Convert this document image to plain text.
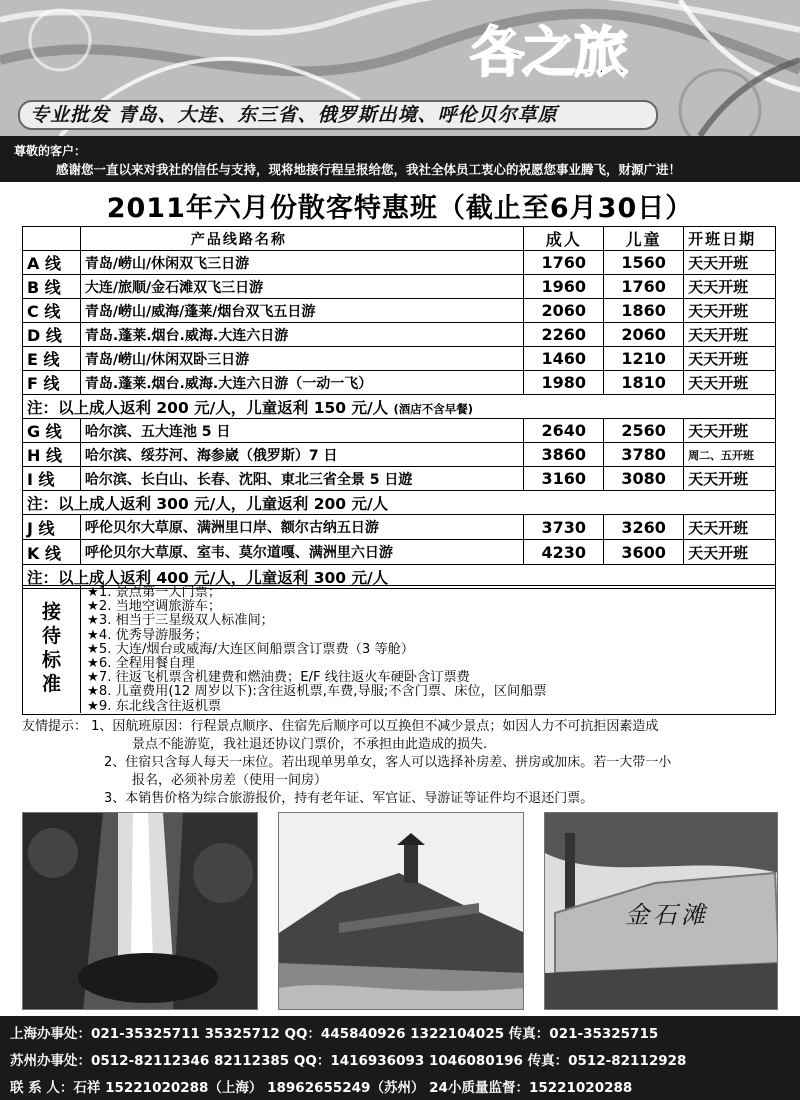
各之旅
专业批发 青岛、大连、东三省、俄罗斯出境、呼伦贝尔草原
尊敬的客户：
感谢您一直以来对我社的信任与支持，现将地接行程呈报给您，我社全体员工衷心的祝愿您事业腾飞，财源广进！
2011年六月份散客特惠班（截止至6月30日）
	产品线路名称	成人	儿童	开班日期
A 线	青岛/崂山/休闲双飞三日游	1760	1560	天天开班
B 线	大连/旅顺/金石滩双飞三日游	1960	1760	天天开班
C 线	青岛/崂山/威海/蓬莱/烟台双飞五日游	2060	1860	天天开班
D 线	青岛.蓬莱.烟台.威海.大连六日游	2260	2060	天天开班
E 线	青岛/崂山/休闲双卧三日游	1460	1210	天天开班
F 线	青岛.蓬莱.烟台.威海.大连六日游（一动一飞）	1980	1810	天天开班
注：以上成人返利 200 元/人，儿童返利 150 元/人 (酒店不含早餐)				
G 线	哈尔滨、五大连池 5 日	2640	2560	天天开班
H 线	哈尔滨、绥芬河、海参崴（俄罗斯）7 日	3860	3780	周二、五开班
I 线	哈尔滨、长白山、长春、沈阳、東北三省全景 5 日遊	3160	3080	天天开班
注：以上成人返利 300 元/人，儿童返利 200 元/人				
J 线	呼伦贝尔大草原、满洲里口岸、额尔古纳五日游	3730	3260	天天开班
K 线	呼伦贝尔大草原、室韦、莫尔道嘎、满洲里六日游	4230	3600	天天开班
注：以上成人返利 400 元/人，儿童返利 300 元/人				
接
待
标
准
★1. 景点第一大门票；
★2. 当地空调旅游车；
★3. 相当于三星级双人标准间；
★4. 优秀导游服务；
★5. 大连/烟台或威海/大连区间船票含订票费（3 等舱）
★6. 全程用餐自理
★7. 往返飞机票含机建费和燃油费；E/F 线往返火车硬卧含订票费
★8. 儿童费用(12 周岁以下):含往返机票,车费,导服;不含门票、床位，区间船票
★9. 东北线含往返机票
友情提示： 1、因航班原因：行程景点顺序、住宿先后顺序可以互换但不减少景点；如因人力不可抗拒因素造成
景点不能游览，我社退还协议门票价，不承担由此造成的损失.
2、住宿只含每人每天一床位。若出现单男单女，客人可以选择补房差、拼房或加床。若一大带一小
报名，必须补房差（使用一间房）
3、本销售价格为综合旅游报价，持有老年证、军官证、导游证等证件均不退还门票。
金石滩
上海办事处：021-35325711 35325712 QQ：445840926 1322104025 传真：021-35325715
苏州办事处：0512-82112346 82112385 QQ：1416936093 1046080196 传真：0512-82112928
联 系 人：石祥 15221020288（上海） 18962655249（苏州） 24小质量监督：15221020288
